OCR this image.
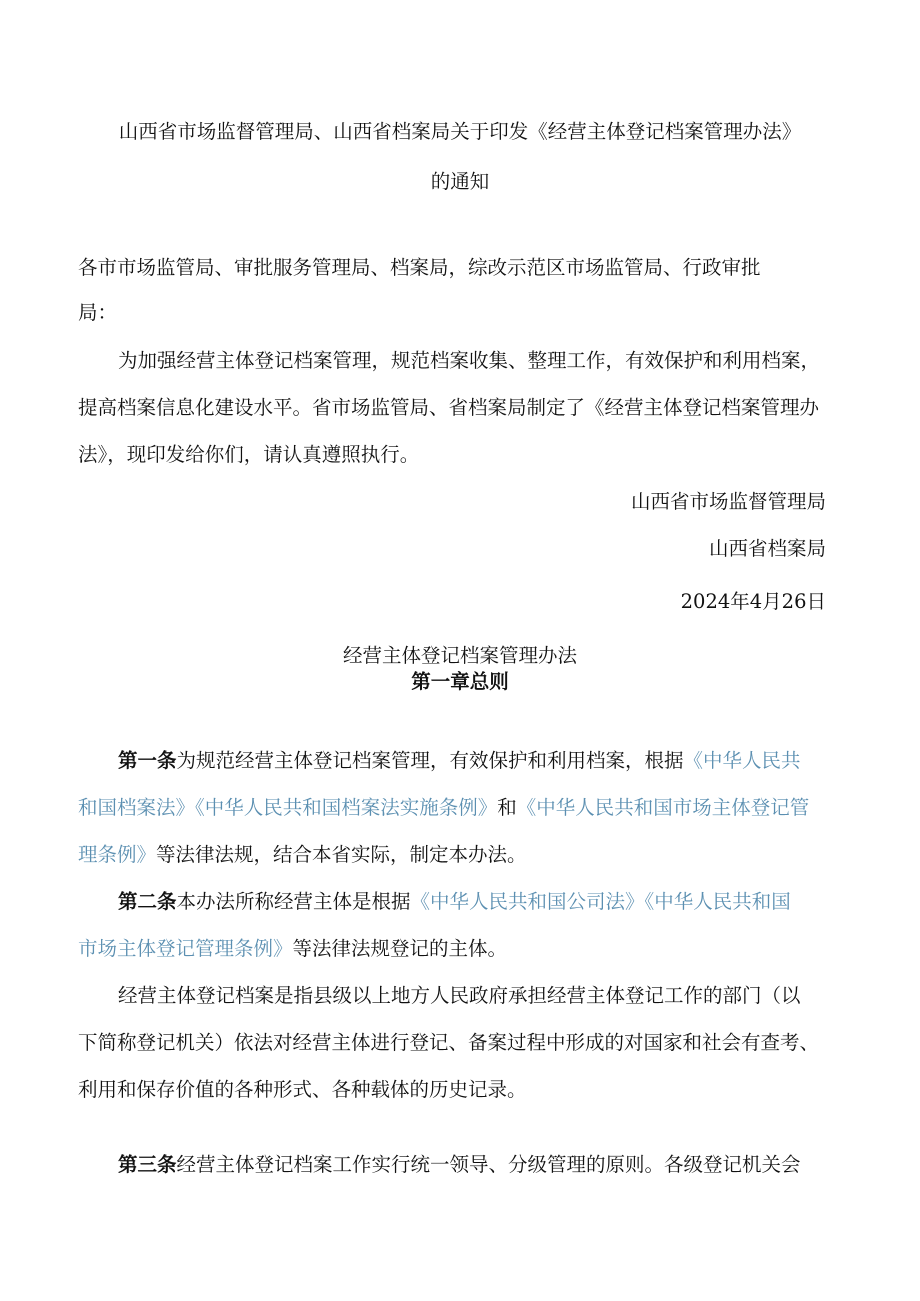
山西省市场监督管理局、山西省档案局关于印发《经营主体登记档案管理办法》
的通知
各市市场监管局、审批服务管理局、档案局，综改示范区市场监管局、行政审批
局：
为加强经营主体登记档案管理，规范档案收集、整理工作，有效保护和利用档案，
提高档案信息化建设水平。省市场监管局、省档案局制定了《经营主体登记档案管理办
法》，现印发给你们，请认真遵照执行。
山西省市场监督管理局
山西省档案局
2024年4月26日
经营主体登记档案管理办法
第一章总则
第一条为规范经营主体登记档案管理，有效保护和利用档案，根据《中华人民共
和国档案法》《中华人民共和国档案法实施条例》和《中华人民共和国市场主体登记管
理条例》等法律法规，结合本省实际，制定本办法。
第二条本办法所称经营主体是根据《中华人民共和国公司法》《中华人民共和国
市场主体登记管理条例》等法律法规登记的主体。
经营主体登记档案是指县级以上地方人民政府承担经营主体登记工作的部门（以
下简称登记机关）依法对经营主体进行登记、备案过程中形成的对国家和社会有查考、
利用和保存价值的各种形式、各种载体的历史记录。
第三条经营主体登记档案工作实行统一领导、分级管理的原则。各级登记机关会
